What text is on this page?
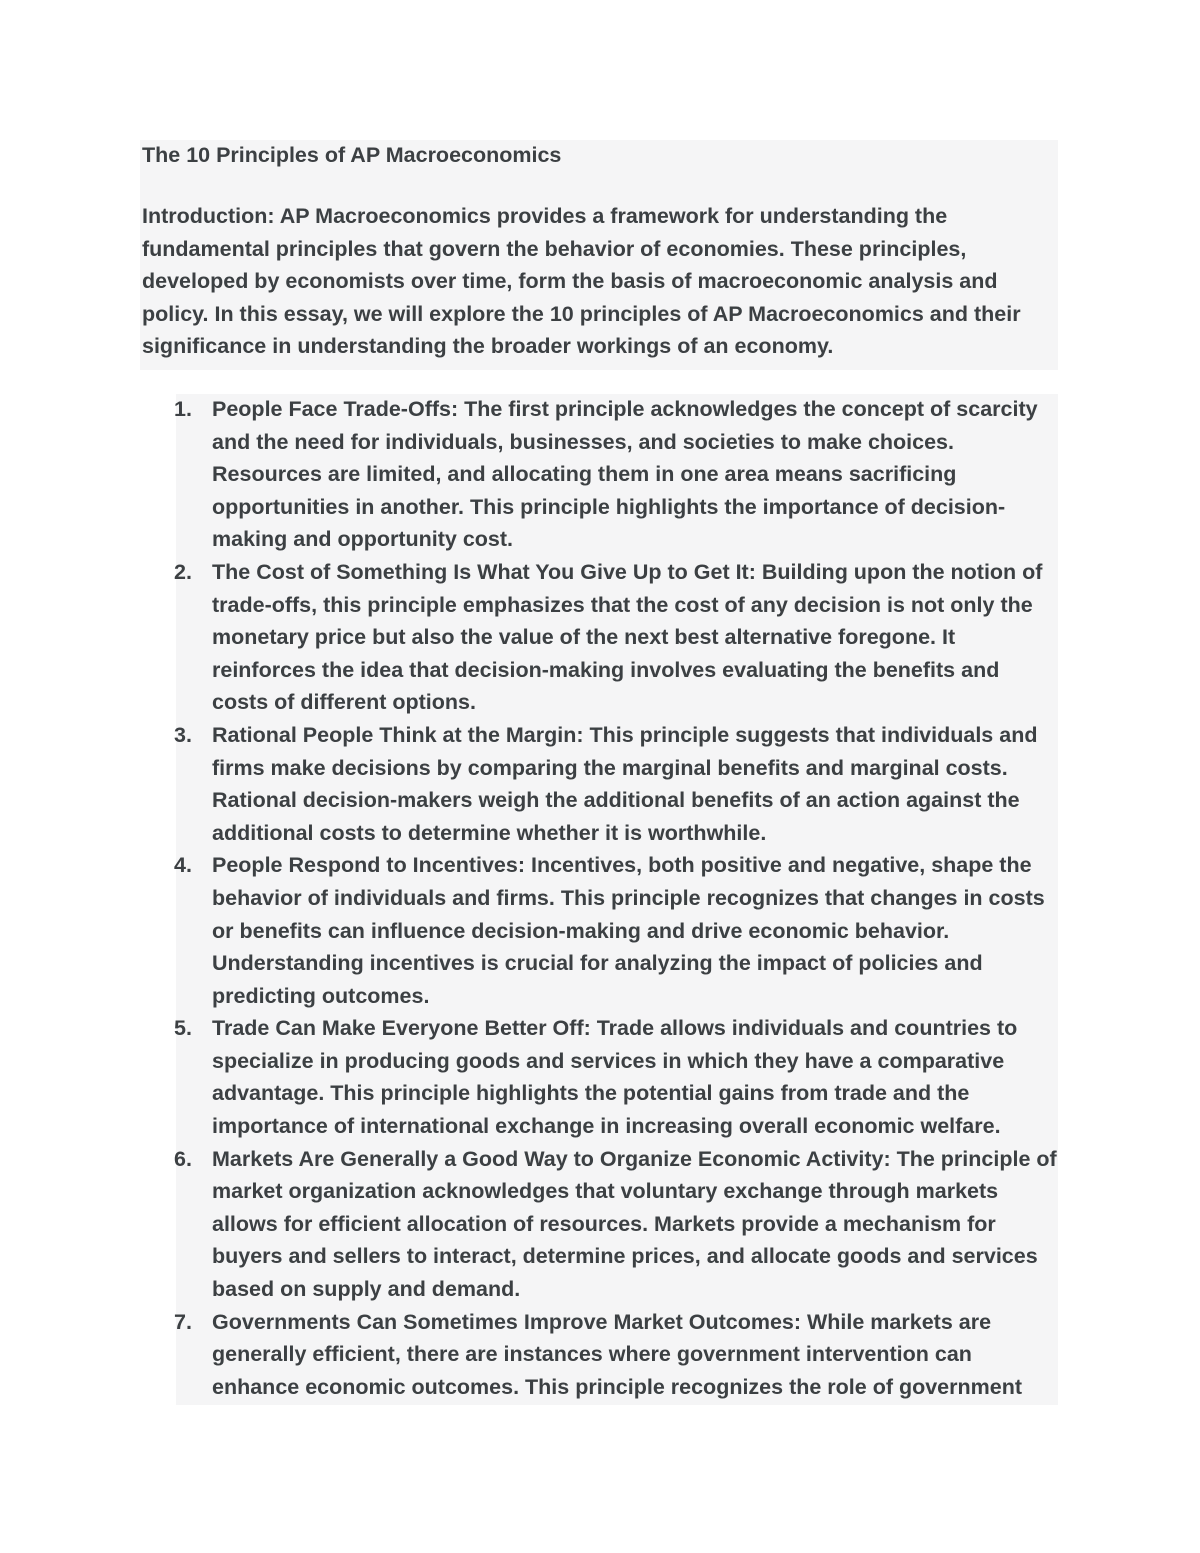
The 10 Principles of AP Macroeconomics

Introduction: AP Macroeconomics provides a framework for understanding the fundamental principles that govern the behavior of economies. These principles, developed by economists over time, form the basis of macroeconomic analysis and policy. In this essay, we will explore the 10 principles of AP Macroeconomics and their significance in understanding the broader workings of an economy.

1. People Face Trade-Offs: The first principle acknowledges the concept of scarcity and the need for individuals, businesses, and societies to make choices. Resources are limited, and allocating them in one area means sacrificing opportunities in another. This principle highlights the importance of decision-making and opportunity cost.
2. The Cost of Something Is What You Give Up to Get It: Building upon the notion of trade-offs, this principle emphasizes that the cost of any decision is not only the monetary price but also the value of the next best alternative foregone. It reinforces the idea that decision-making involves evaluating the benefits and costs of different options.
3. Rational People Think at the Margin: This principle suggests that individuals and firms make decisions by comparing the marginal benefits and marginal costs. Rational decision-makers weigh the additional benefits of an action against the additional costs to determine whether it is worthwhile.
4. People Respond to Incentives: Incentives, both positive and negative, shape the behavior of individuals and firms. This principle recognizes that changes in costs or benefits can influence decision-making and drive economic behavior. Understanding incentives is crucial for analyzing the impact of policies and predicting outcomes.
5. Trade Can Make Everyone Better Off: Trade allows individuals and countries to specialize in producing goods and services in which they have a comparative advantage. This principle highlights the potential gains from trade and the importance of international exchange in increasing overall economic welfare.
6. Markets Are Generally a Good Way to Organize Economic Activity: The principle of market organization acknowledges that voluntary exchange through markets allows for efficient allocation of resources. Markets provide a mechanism for buyers and sellers to interact, determine prices, and allocate goods and services based on supply and demand.
7. Governments Can Sometimes Improve Market Outcomes: While markets are generally efficient, there are instances where government intervention can enhance economic outcomes. This principle recognizes the role of government
